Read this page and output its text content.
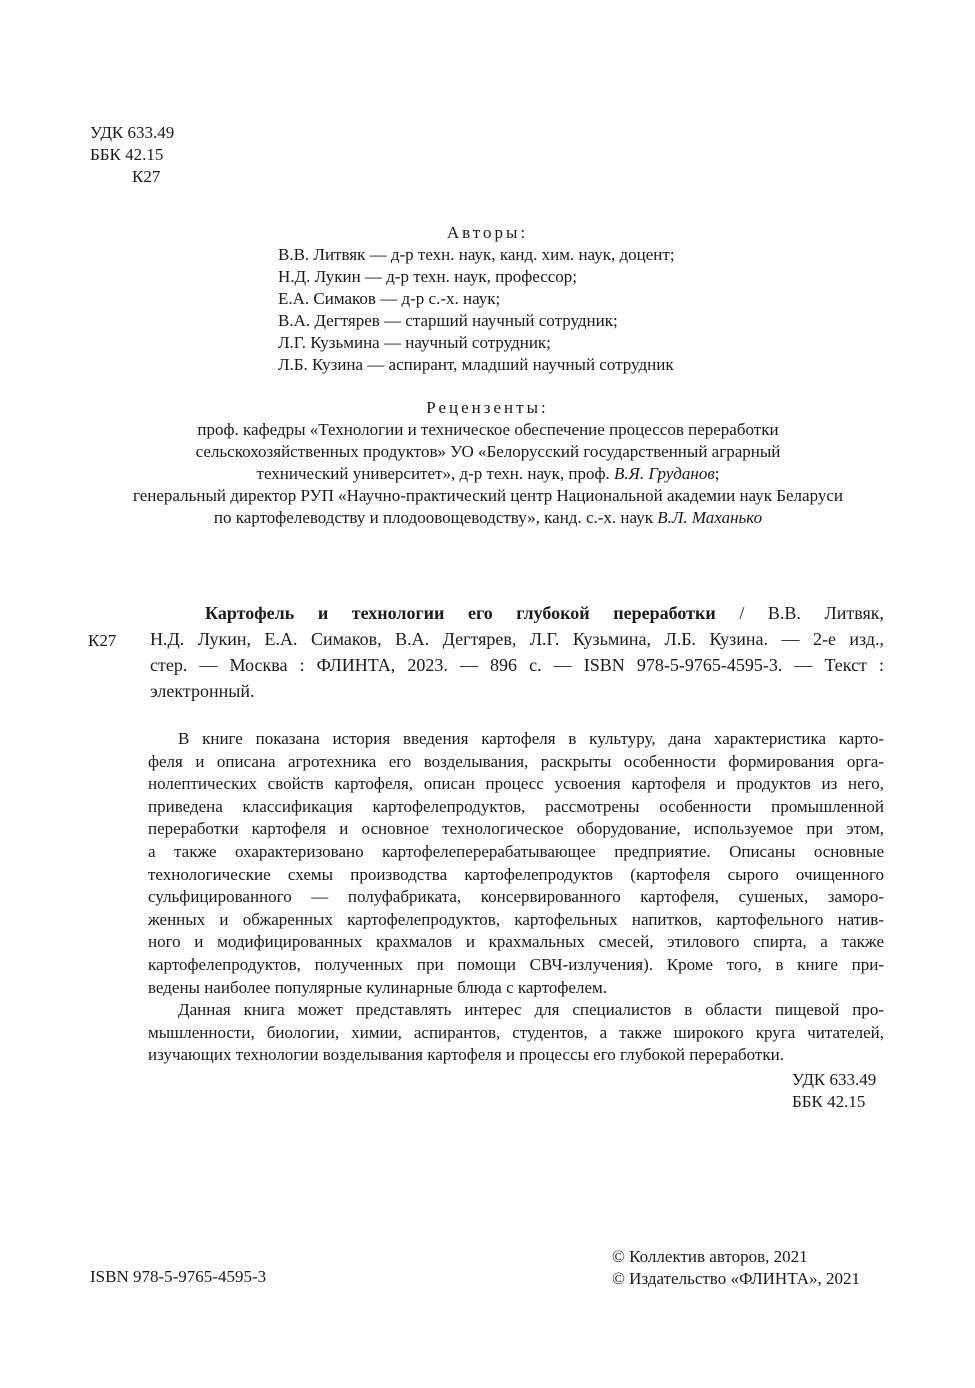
УДК 633.49
ББК 42.15
К27
Авторы:
В.В. Литвяк — д-р техн. наук, канд. хим. наук, доцент;
Н.Д. Лукин — д-р техн. наук, профессор;
Е.А. Симаков — д-р с.-х. наук;
В.А. Дегтярев — старший научный сотрудник;
Л.Г. Кузьмина — научный сотрудник;
Л.Б. Кузина — аспирант, младший научный сотрудник
Рецензенты:
проф. кафедры «Технологии и техническое обеспечение процессов переработки
сельскохозяйственных продуктов» УО «Белорусский государственный аграрный
технический университет», д-р техн. наук, проф. В.Я. Груданов;
генеральный директор РУП «Научно-практический центр Национальной академии наук Беларуси
по картофелеводству и плодоовощеводству», канд. с.-х. наук В.Л. Маханько
К27
Картофель и технологии его глубокой переработки / В.В. Литвяк,
Н.Д. Лукин, Е.А. Симаков, В.А. Дегтярев, Л.Г. Кузьмина, Л.Б. Кузина. — 2-е изд.,
стер. — Москва : ФЛИНТА, 2023. — 896 с. — ISBN 978-5-9765-4595-3. — Текст :
электронный.
В книге показана история введения картофеля в культуру, дана характеристика карто-
феля и описана агротехника его возделывания, раскрыты особенности формирования орга-
нолептических свойств картофеля, описан процесс усвоения картофеля и продуктов из него,
приведена классификация картофелепродуктов, рассмотрены особенности промышленной
переработки картофеля и основное технологическое оборудование, используемое при этом,
а также охарактеризовано картофелеперерабатывающее предприятие. Описаны основные
технологические схемы производства картофелепродуктов (картофеля сырого очищенного
сульфицированного — полуфабриката, консервированного картофеля, сушеных, заморо-
женных и обжаренных картофелепродуктов, картофельных напитков, картофельного натив-
ного и модифицированных крахмалов и крахмальных смесей, этилового спирта, а также
картофелепродуктов, полученных при помощи СВЧ-излучения). Кроме того, в книге при-
ведены наиболее популярные кулинарные блюда с картофелем.
Данная книга может представлять интерес для специалистов в области пищевой про-
мышленности, биологии, химии, аспирантов, студентов, а также широкого круга читателей,
изучающих технологии возделывания картофеля и процессы его глубокой переработки.
УДК 633.49
ББК 42.15
ISBN 978-5-9765-4595-3
© Коллектив авторов, 2021
© Издательство «ФЛИНТА», 2021
